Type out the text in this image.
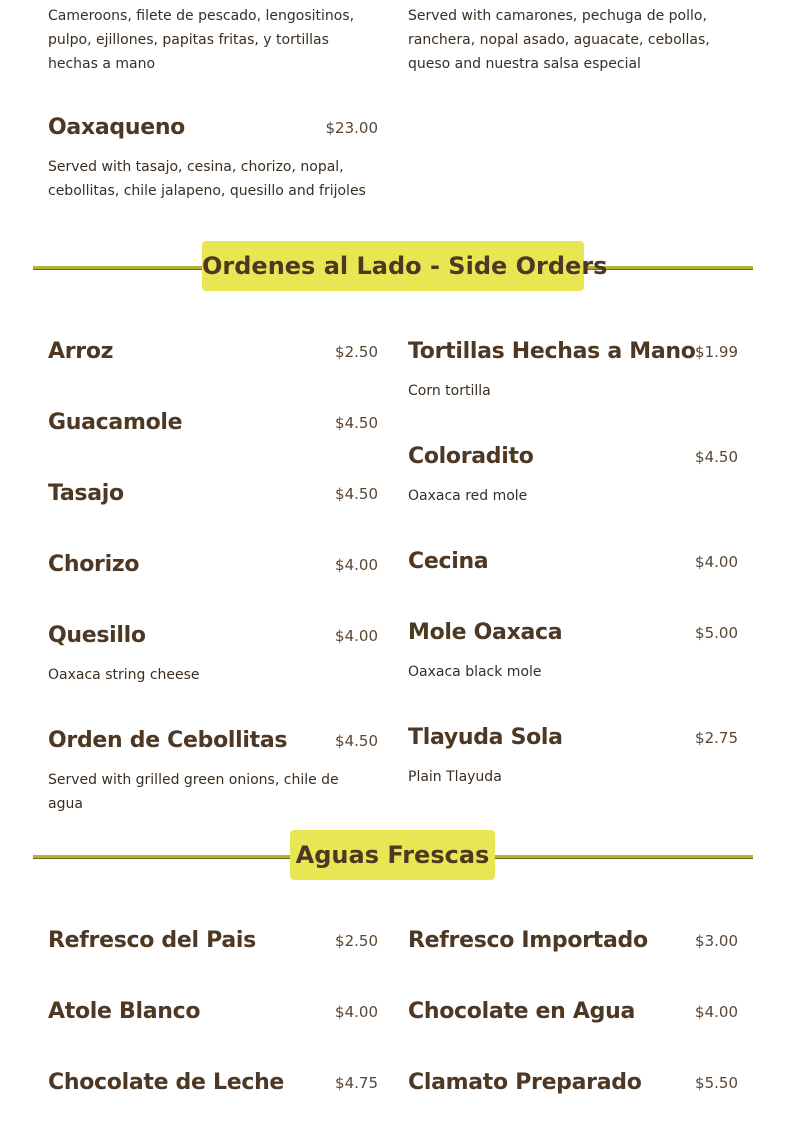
Cameroons, filete de pescado, lengositinos, pulpo, ejillones, papitas fritas, y tortillas hechas a mano
Served with camarones, pechuga de pollo, ranchera, nopal asado, aguacate, cebollas, queso and nuestra salsa especial
Oaxaqueno	$23.00
Served with tasajo, cesina, chorizo, nopal, cebollitas, chile jalapeno, quesillo and frijoles
Ordenes al Lado - Side Orders
Arroz	$2.50
Guacamole	$4.50
Tasajo	$4.50
Chorizo	$4.00
Quesillo	$4.00
Oaxaca string cheese
Orden de Cebollitas	$4.50
Served with grilled green onions, chile de agua
Tortillas Hechas a Mano $1.99
Corn tortilla
Coloradito	$4.50
Oaxaca red mole
Cecina	$4.00
Mole Oaxaca	$5.00
Oaxaca black mole
Tlayuda Sola	$2.75
Plain Tlayuda
Aguas Frescas
Refresco del Pais	$2.50
Atole Blanco	$4.00
Chocolate de Leche	$4.75
Refresco Importado	$3.00
Chocolate en Agua	$4.00
Clamato Preparado	$5.50
